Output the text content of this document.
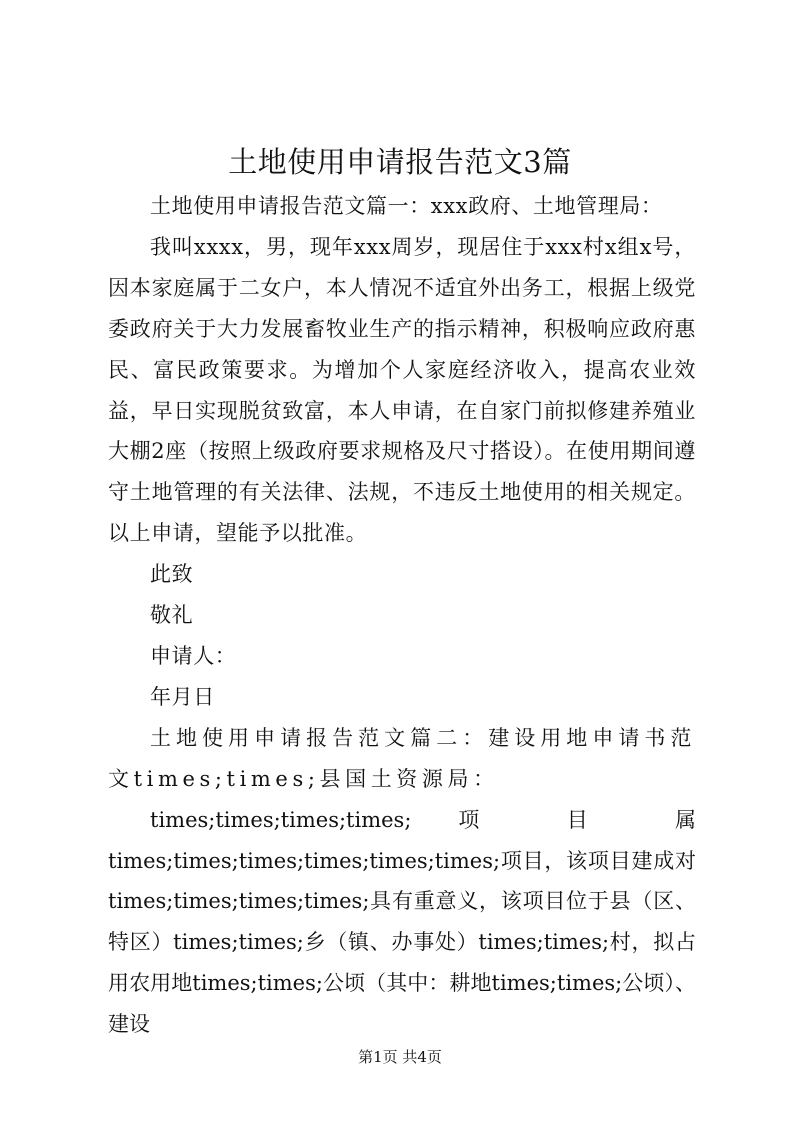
土地使用申请报告范文3篇

土地使用申请报告范文篇一：xxx政府、土地管理局：

我叫xxxx，男，现年xxx周岁，现居住于xxx村x组x号，因本家庭属于二女户，本人情况不适宜外出务工，根据上级党委政府关于大力发展畜牧业生产的指示精神，积极响应政府惠民、富民政策要求。为增加个人家庭经济收入，提高农业效益，早日实现脱贫致富，本人申请，在自家门前拟修建养殖业大棚2座（按照上级政府要求规格及尺寸搭设）。在使用期间遵守土地管理的有关法律、法规，不违反土地使用的相关规定。以上申请，望能予以批准。

此致

敬礼

申请人：

年月日

土地使用申请报告范文篇二：建设用地申请书范文times;times;县国土资源局：

times;times;times;times; 项 目 属 times;times;times;times;times;times;项目，该项目建成对times;times;times;times;具有重意义，该项目位于县（区、特区）times;times;乡（镇、办事处）times;times;村，拟占用农用地times;times;公顷（其中：耕地times;times;公顷）、建设

第1页 共4页
